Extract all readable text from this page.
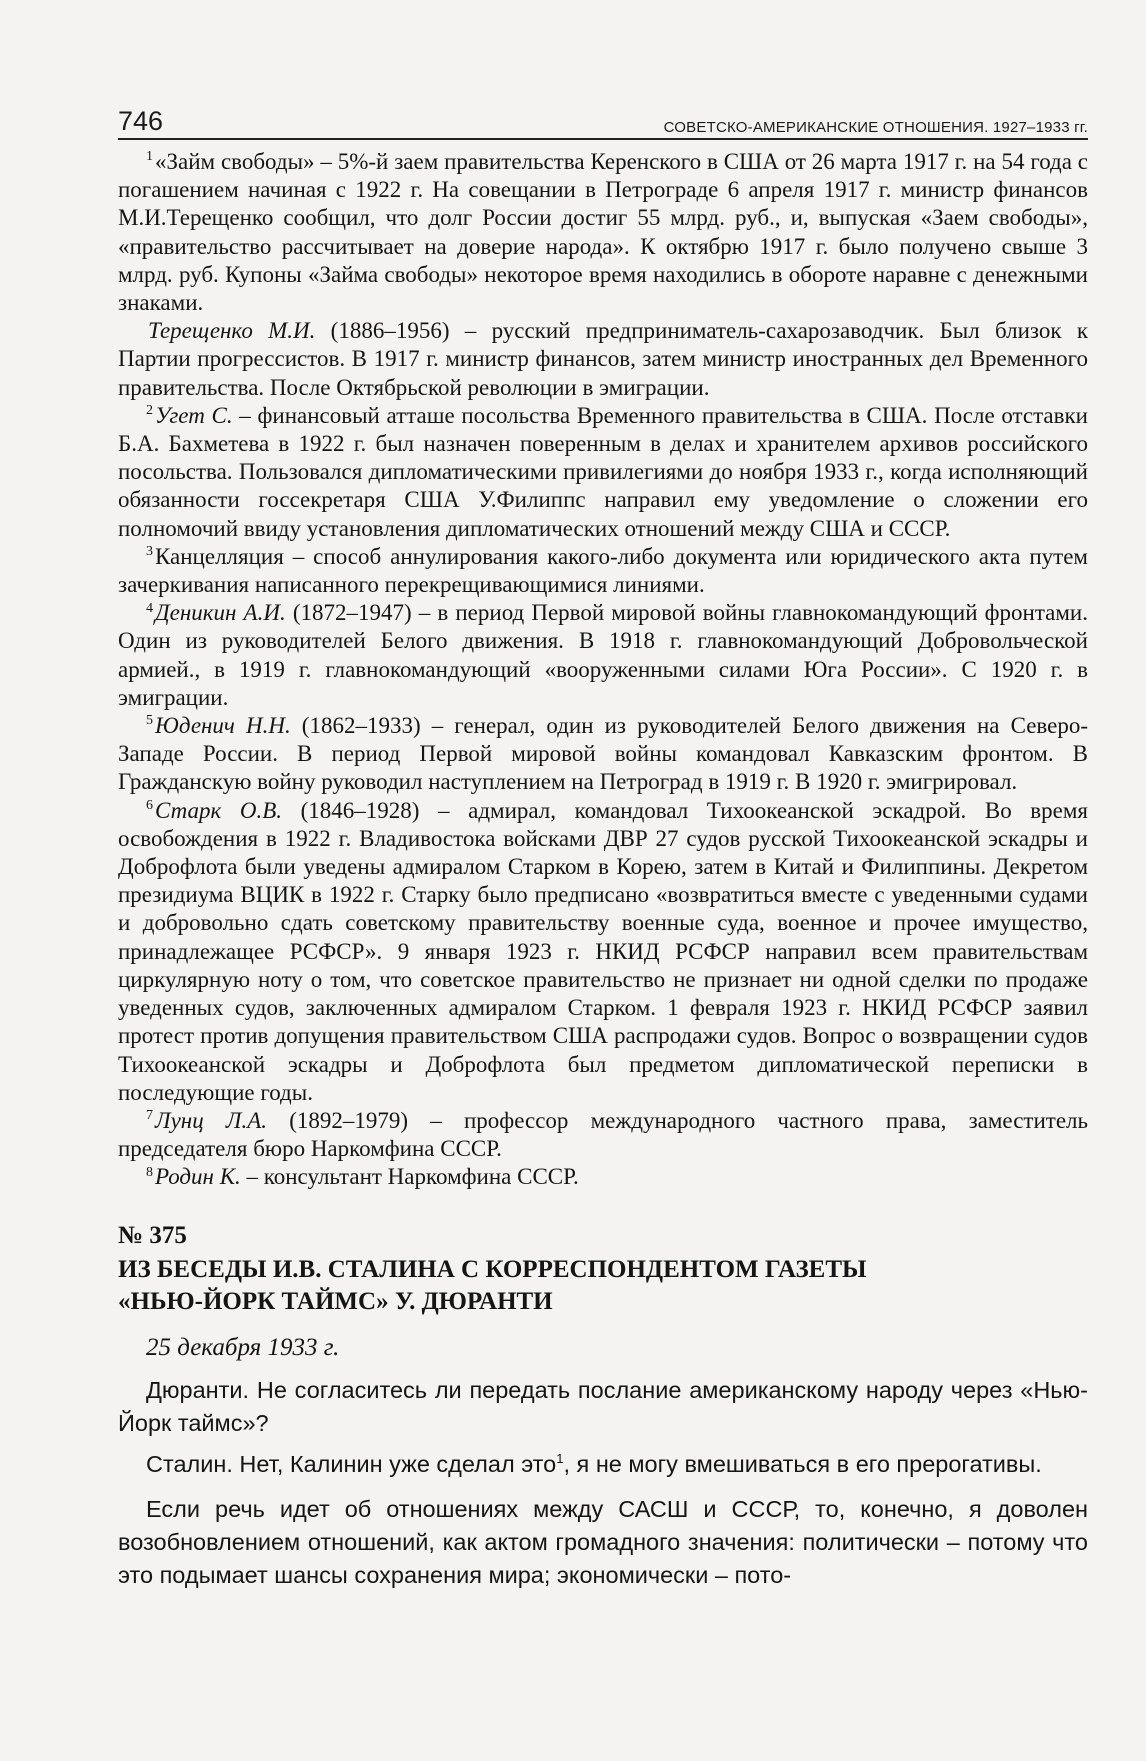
746	СОВЕТСКО-АМЕРИКАНСКИЕ ОТНОШЕНИЯ. 1927–1933 гг.

$^1$«Займ свободы» – 5%-й заем правительства Керенского в США от 26 марта 1917 г. на 54 года с погашением начиная с 1922 г. На совещании в Петрограде 6 апреля 1917 г. министр финансов М.И.Терещенко сообщил, что долг России достиг 55 млрд. руб., и, выпуская «Заем свободы», «правительство рассчитывает на доверие народа». К октябрю 1917 г. было получено свыше 3 млрд. руб. Купоны «Займа свободы» некоторое время находились в обороте наравне с денежными знаками.

Терещенко М.И. (1886–1956) – русский предприниматель-сахарозаводчик. Был близок к Партии прогрессистов. В 1917 г. министр финансов, затем министр иностранных дел Временного правительства. После Октябрьской революции в эмиграции.

$^2$Угет С. – финансовый атташе посольства Временного правительства в США. После отставки Б.А. Бахметева в 1922 г. был назначен поверенным в делах и хранителем архивов российского посольства. Пользовался дипломатическими привилегиями до ноября 1933 г., когда исполняющий обязанности госсекретаря США У.Филиппс направил ему уведомление о сложении его полномочий ввиду установления дипломатических отношений между США и СССР.

$^3$Канцелляция – способ аннулирования какого-либо документа или юридического акта путем зачеркивания написанного перекрещивающимися линиями.

$^4$Деникин А.И. (1872–1947) – в период Первой мировой войны главнокомандующий фронтами. Один из руководителей Белого движения. В 1918 г. главнокомандующий Добровольческой армией., в 1919 г. главнокомандующий «вооруженными силами Юга России». С 1920 г. в эмиграции.

$^5$Юденич Н.Н. (1862–1933) – генерал, один из руководителей Белого движения на Северо-Западе России. В период Первой мировой войны командовал Кавказским фронтом. В Гражданскую войну руководил наступлением на Петроград в 1919 г. В 1920 г. эмигрировал.

$^6$Старк О.В. (1846–1928) – адмирал, командовал Тихоокеанской эскадрой. Во время освобождения в 1922 г. Владивостока войсками ДВР 27 судов русской Тихоокеанской эскадры и Доброфлота были уведены адмиралом Старком в Корею, затем в Китай и Филиппины. Декретом президиума ВЦИК в 1922 г. Старку было предписано «возвратиться вместе с уведенными судами и добровольно сдать советскому правительству военные суда, военное и прочее имущество, принадлежащее РСФСР». 9 января 1923 г. НКИД РСФСР направил всем правительствам циркулярную ноту о том, что советское правительство не признает ни одной сделки по продаже уведенных судов, заключенных адмиралом Старком. 1 февраля 1923 г. НКИД РСФСР заявил протест против допущения правительством США распродажи судов. Вопрос о возвращении судов Тихоокеанской эскадры и Доброфлота был предметом дипломатической переписки в последующие годы.

$^7$Лунц Л.А. (1892–1979) – профессор международного частного права, заместитель председателя бюро Наркомфина СССР.

$^8$Родин К. – консультант Наркомфина СССР.

№ 375
ИЗ БЕСЕДЫ И.В. СТАЛИНА С КОРРЕСПОНДЕНТОМ ГАЗЕТЫ
«НЬЮ-ЙОРК ТАЙМС» У. ДЮРАНТИ
25 декабря 1933 г.

Дюранти. Не согласитесь ли передать послание американскому народу через «Нью-Йорк таймс»?

Сталин. Нет, Калинин уже сделал это$^1$, я не могу вмешиваться в его прерогативы.

Если речь идет об отношениях между САСШ и СССР, то, конечно, я доволен возобновлением отношений, как актом громадного значения: политически – потому что это подымает шансы сохранения мира; экономически – пото-
